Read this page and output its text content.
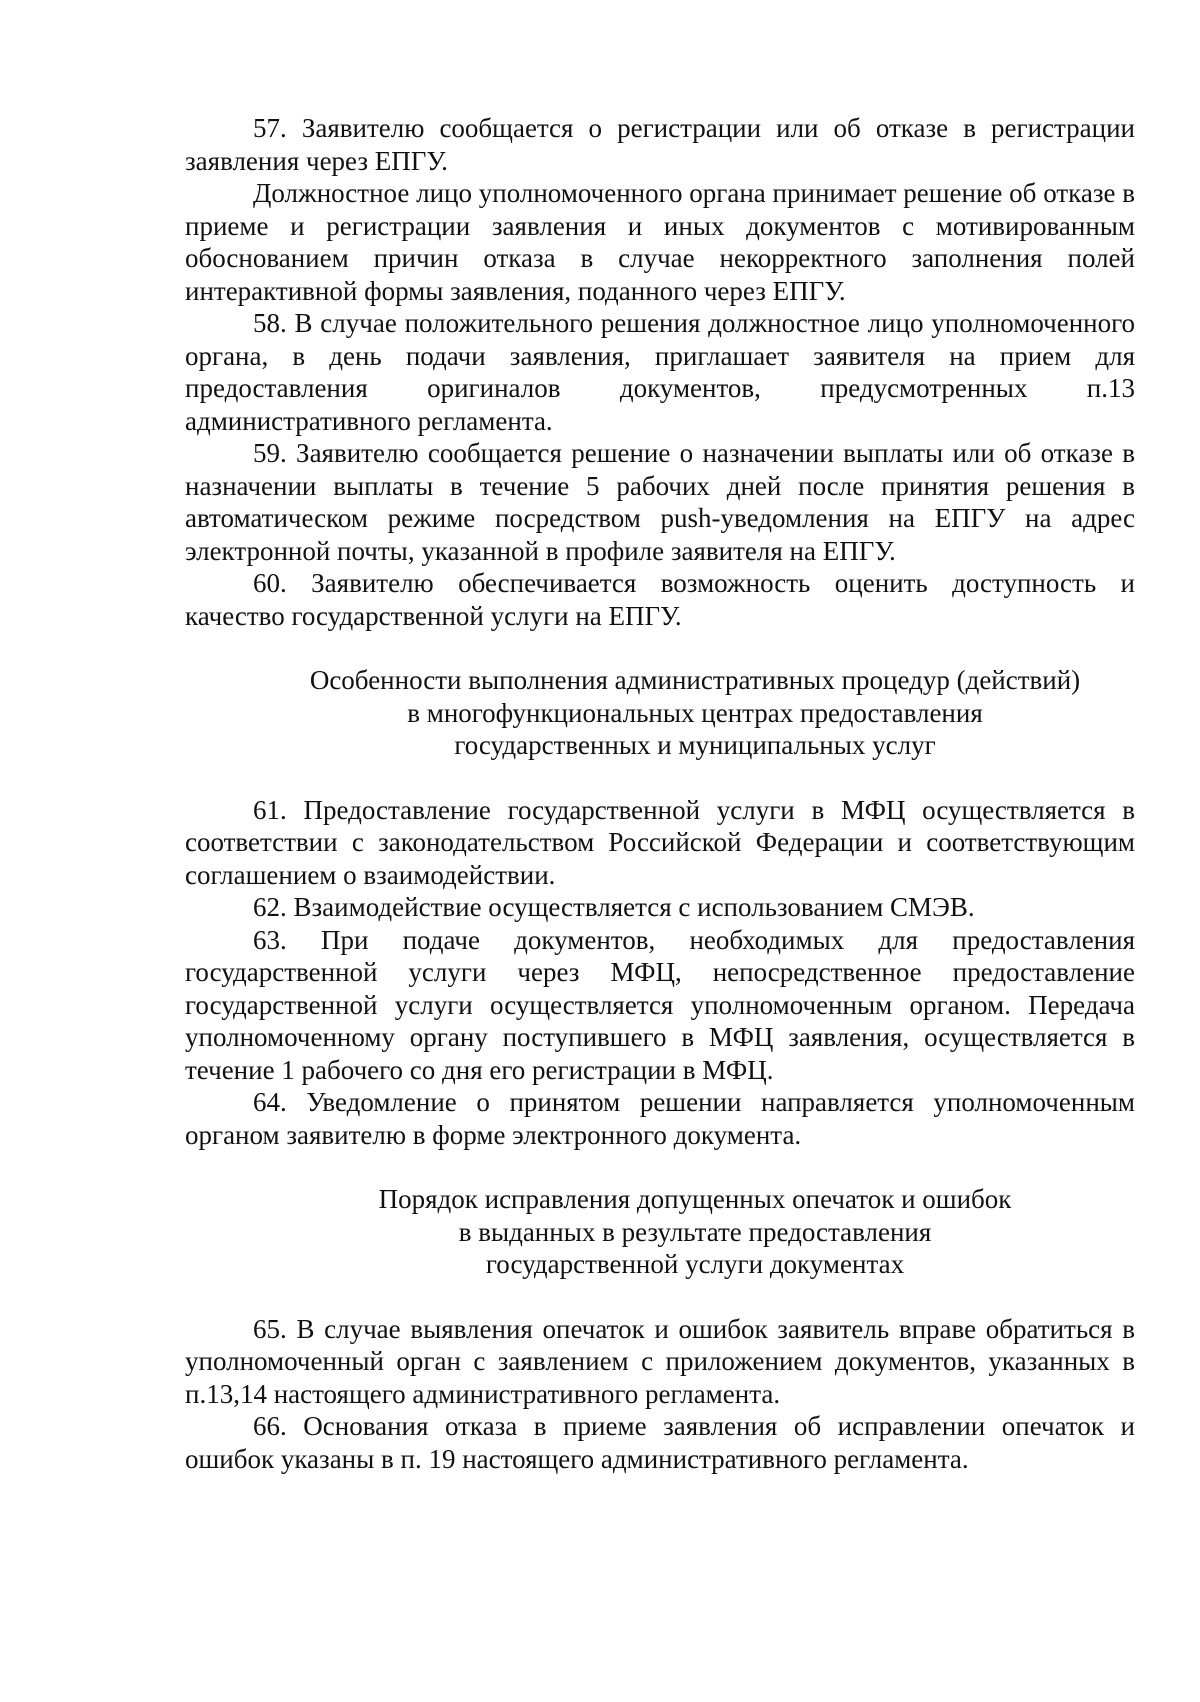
57. Заявителю сообщается о регистрации или об отказе в регистрации заявления через ЕПГУ.

Должностное лицо уполномоченного органа принимает решение об отказе в приеме и регистрации заявления и иных документов с мотивированным обоснованием причин отказа в случае некорректного заполнения полей интерактивной формы заявления, поданного через ЕПГУ.

58. В случае положительного решения должностное лицо уполномоченного органа, в день подачи заявления, приглашает заявителя на прием для предоставления оригиналов документов, предусмотренных п.13 административного регламента.

59. Заявителю сообщается решение о назначении выплаты или об отказе в назначении выплаты в течение 5 рабочих дней после принятия решения в автоматическом режиме посредством push-уведомления на ЕПГУ на адрес электронной почты, указанной в профиле заявителя на ЕПГУ.

60. Заявителю обеспечивается возможность оценить доступность и качество государственной услуги на ЕПГУ.

Особенности выполнения административных процедур (действий)
в многофункциональных центрах предоставления
государственных и муниципальных услуг

61. Предоставление государственной услуги в МФЦ осуществляется в соответствии с законодательством Российской Федерации и соответствующим соглашением о взаимодействии.

62. Взаимодействие осуществляется с использованием СМЭВ.

63. При подаче документов, необходимых для предоставления государственной услуги через МФЦ, непосредственное предоставление государственной услуги осуществляется уполномоченным органом. Передача уполномоченному органу поступившего в МФЦ заявления, осуществляется в течение 1 рабочего со дня его регистрации в МФЦ.

64. Уведомление о принятом решении направляется уполномоченным органом заявителю в форме электронного документа.

Порядок исправления допущенных опечаток и ошибок
в выданных в результате предоставления
государственной услуги документах

65. В случае выявления опечаток и ошибок заявитель вправе обратиться в уполномоченный орган с заявлением с приложением документов, указанных в п.13,14 настоящего административного регламента.

66. Основания отказа в приеме заявления об исправлении опечаток и ошибок указаны в п. 19 настоящего административного регламента.
